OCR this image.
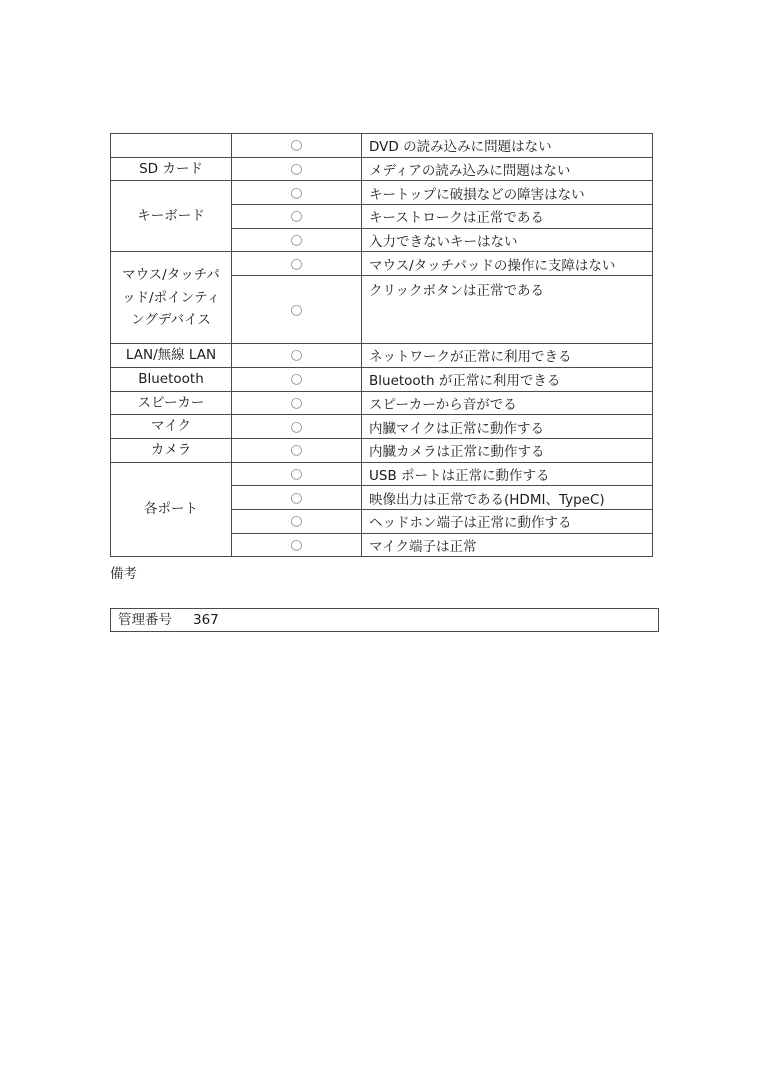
	○	DVD の読み込みに問題はない
SD カード	○	メディアの読み込みに問題はない
キーボード	○	キートップに破損などの障害はない
	○	キーストロークは正常である
	○	入力できないキーはない
マウス/タッチパッド/ポインティングデバイス	○	マウス/タッチパッドの操作に支障はない
	○	クリックボタンは正常である
LAN/無線 LAN	○	ネットワークが正常に利用できる
Bluetooth	○	Bluetooth が正常に利用できる
スピーカー	○	スピーカーから音がでる
マイク	○	内臓マイクは正常に動作する
カメラ	○	内臓カメラは正常に動作する
各ポート	○	USB ポートは正常に動作する
	○	映像出力は正常である(HDMI、TypeC)
	○	ヘッドホン端子は正常に動作する
	○	マイク端子は正常
備考
管理番号 367
